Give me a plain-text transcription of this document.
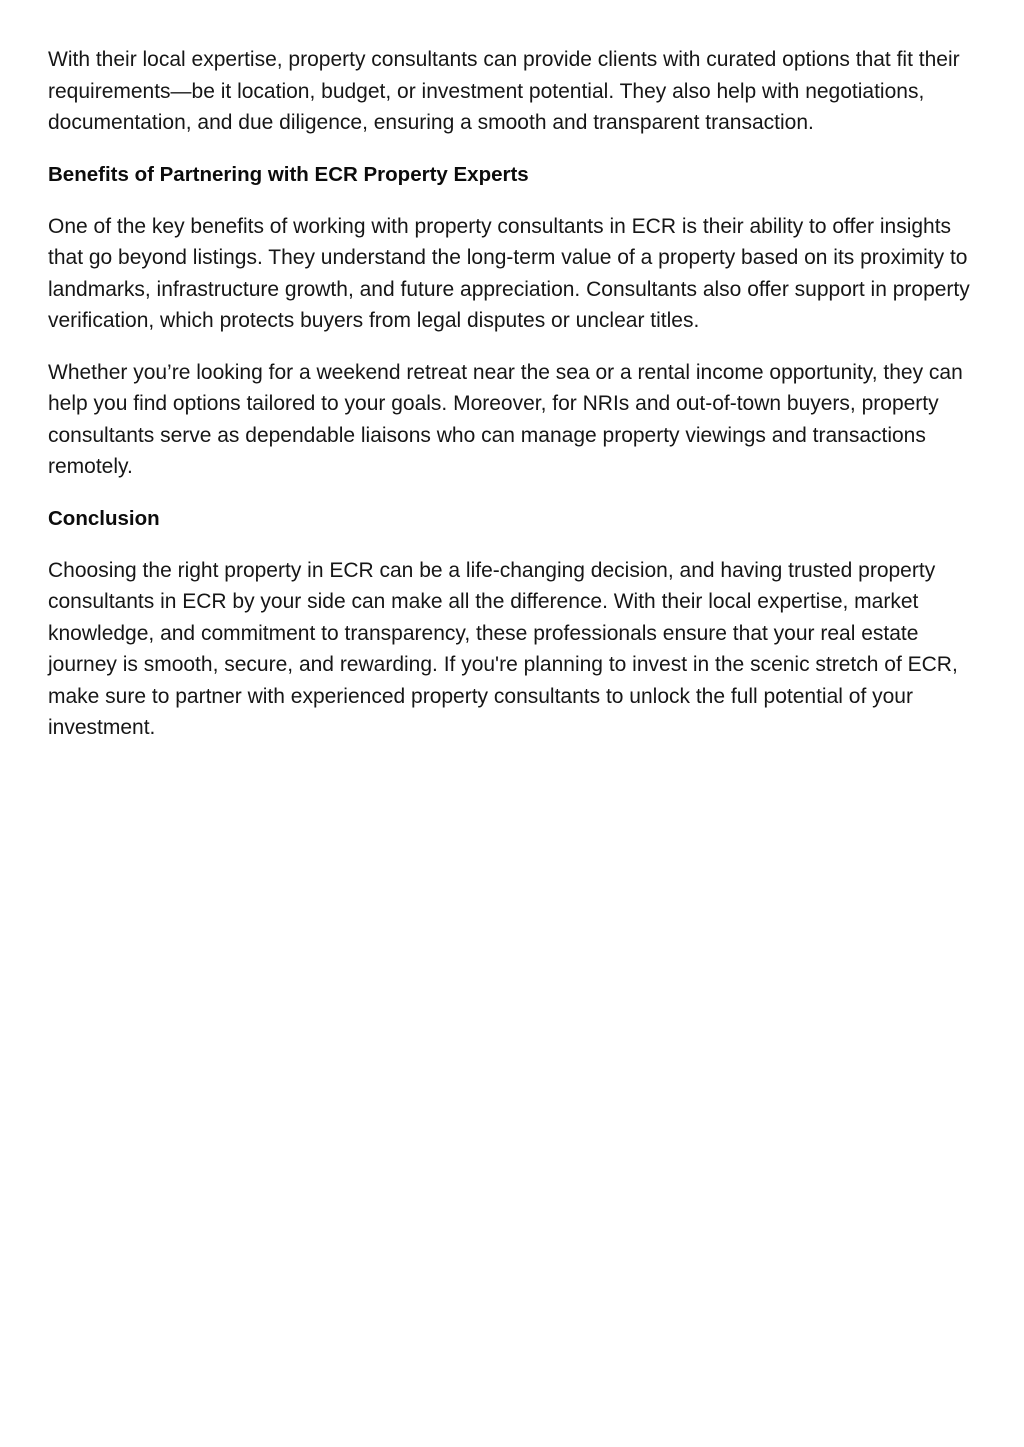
With their local expertise, property consultants can provide clients with curated options that fit their requirements—be it location, budget, or investment potential. They also help with negotiations, documentation, and due diligence, ensuring a smooth and transparent transaction.

Benefits of Partnering with ECR Property Experts

One of the key benefits of working with property consultants in ECR is their ability to offer insights that go beyond listings. They understand the long-term value of a property based on its proximity to landmarks, infrastructure growth, and future appreciation. Consultants also offer support in property verification, which protects buyers from legal disputes or unclear titles.

Whether you’re looking for a weekend retreat near the sea or a rental income opportunity, they can help you find options tailored to your goals. Moreover, for NRIs and out-of-town buyers, property consultants serve as dependable liaisons who can manage property viewings and transactions remotely.

Conclusion

Choosing the right property in ECR can be a life-changing decision, and having trusted property consultants in ECR by your side can make all the difference. With their local expertise, market knowledge, and commitment to transparency, these professionals ensure that your real estate journey is smooth, secure, and rewarding. If you're planning to invest in the scenic stretch of ECR, make sure to partner with experienced property consultants to unlock the full potential of your investment.
